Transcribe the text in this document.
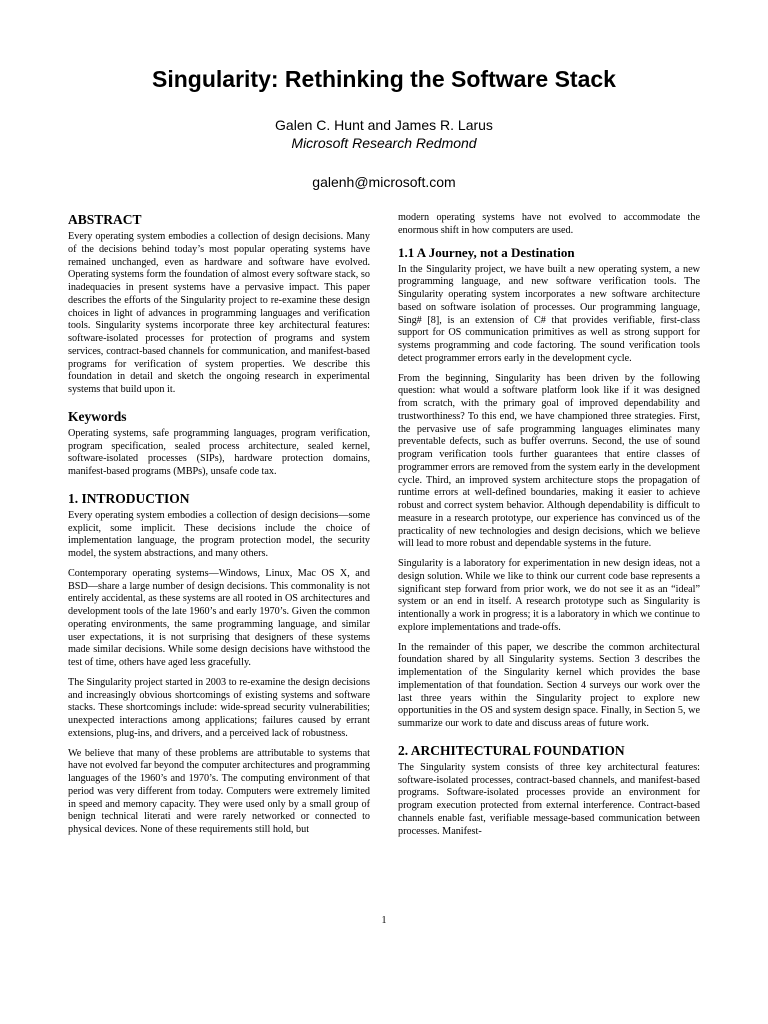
Singularity: Rethinking the Software Stack
Galen C. Hunt and James R. Larus
Microsoft Research Redmond
galenh@microsoft.com
ABSTRACT

Every operating system embodies a collection of design decisions. Many of the decisions behind today’s most popular operating systems have remained unchanged, even as hardware and software have evolved. Operating systems form the foundation of almost every software stack, so inadequacies in present systems have a pervasive impact. This paper describes the efforts of the Singularity project to re-examine these design choices in light of advances in programming languages and verification tools. Singularity systems incorporate three key architectural features: software-isolated processes for protection of programs and system services, contract-based channels for communication, and manifest-based programs for verification of system properties. We describe this foundation in detail and sketch the ongoing research in experimental systems that build upon it.

Keywords

Operating systems, safe programming languages, program verification, program specification, sealed process architecture, sealed kernel, software-isolated processes (SIPs), hardware protection domains, manifest-based programs (MBPs), unsafe code tax.

1. INTRODUCTION

Every operating system embodies a collection of design decisions—some explicit, some implicit. These decisions include the choice of implementation language, the program protection model, the security model, the system abstractions, and many others.

Contemporary operating systems—Windows, Linux, Mac OS X, and BSD—share a large number of design decisions. This commonality is not entirely accidental, as these systems are all rooted in OS architectures and development tools of the late 1960’s and early 1970’s. Given the common operating environments, the same programming language, and similar user expectations, it is not surprising that designers of these systems made similar decisions. While some design decisions have withstood the test of time, others have aged less gracefully.

The Singularity project started in 2003 to re-examine the design decisions and increasingly obvious shortcomings of existing systems and software stacks. These shortcomings include: wide-spread security vulnerabilities; unexpected interactions among applications; failures caused by errant extensions, plug-ins, and drivers, and a perceived lack of robustness.

We believe that many of these problems are attributable to systems that have not evolved far beyond the computer architectures and programming languages of the 1960’s and 1970’s. The computing environment of that period was very different from today. Computers were extremely limited in speed and memory capacity. They were used only by a small group of benign technical literati and were rarely networked or connected to physical devices. None of these requirements still hold, but

modern operating systems have not evolved to accommodate the enormous shift in how computers are used.

1.1 A Journey, not a Destination

In the Singularity project, we have built a new operating system, a new programming language, and new software verification tools. The Singularity operating system incorporates a new software architecture based on software isolation of processes. Our programming language, Sing# [8], is an extension of C# that provides verifiable, first-class support for OS communication primitives as well as strong support for systems programming and code factoring. The sound verification tools detect programmer errors early in the development cycle.

From the beginning, Singularity has been driven by the following question: what would a software platform look like if it was designed from scratch, with the primary goal of improved dependability and trustworthiness? To this end, we have championed three strategies. First, the pervasive use of safe programming languages eliminates many preventable defects, such as buffer overruns. Second, the use of sound program verification tools further guarantees that entire classes of programmer errors are removed from the system early in the development cycle. Third, an improved system architecture stops the propagation of runtime errors at well-defined boundaries, making it easier to achieve robust and correct system behavior. Although dependability is difficult to measure in a research prototype, our experience has convinced us of the practicality of new technologies and design decisions, which we believe will lead to more robust and dependable systems in the future.

Singularity is a laboratory for experimentation in new design ideas, not a design solution. While we like to think our current code base represents a significant step forward from prior work, we do not see it as an “ideal” system or an end in itself. A research prototype such as Singularity is intentionally a work in progress; it is a laboratory in which we continue to explore implementations and trade-offs.

In the remainder of this paper, we describe the common architectural foundation shared by all Singularity systems. Section 3 describes the implementation of the Singularity kernel which provides the base implementation of that foundation. Section 4 surveys our work over the last three years within the Singularity project to explore new opportunities in the OS and system design space. Finally, in Section 5, we summarize our work to date and discuss areas of future work.

2. ARCHITECTURAL FOUNDATION

The Singularity system consists of three key architectural features: software-isolated processes, contract-based channels, and manifest-based programs. Software-isolated processes provide an environment for program execution protected from external interference. Contract-based channels enable fast, verifiable message-based communication between processes. Manifest-

1
